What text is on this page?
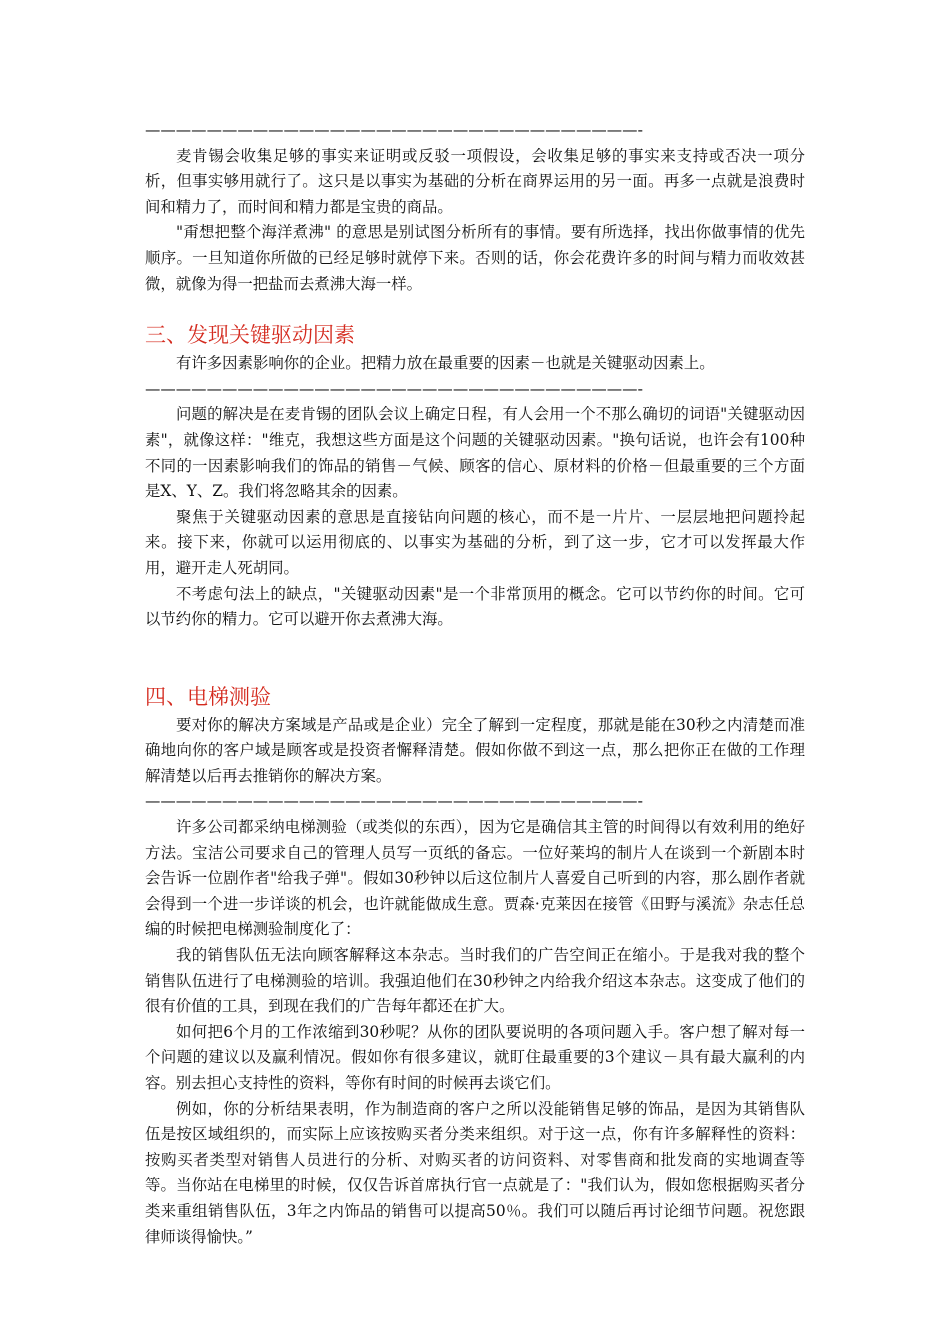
————————————————————————————————-

麦肯锡会收集足够的事实来证明或反驳一项假设，会收集足够的事实来支持或否决一项分析，但事实够用就行了。这只是以事实为基础的分析在商界运用的另一面。再多一点就是浪费时间和精力了，而时间和精力都是宝贵的商品。

"甭想把整个海洋煮沸" 的意思是别试图分析所有的事情。要有所选择，找出你做事情的优先顺序。一旦知道你所做的已经足够时就停下来。否则的话，你会花费许多的时间与精力而收效甚微，就像为得一把盐而去煮沸大海一样。

三、发现关键驱动因素

有许多因素影响你的企业。把精力放在最重要的因素－也就是关键驱动因素上。

————————————————————————————————-

问题的解决是在麦肯锡的团队会议上确定日程，有人会用一个不那么确切的词语"关键驱动因素"，就像这样："维克，我想这些方面是这个问题的关键驱动因素。"换句话说，也许会有100种不同的一因素影响我们的饰品的销售－气候、顾客的信心、原材料的价格－但最重要的三个方面是X、Y、Z。我们将忽略其余的因素。

聚焦于关键驱动因素的意思是直接钻向问题的核心，而不是一片片、一层层地把问题拎起来。接下来，你就可以运用彻底的、以事实为基础的分析，到了这一步，它才可以发挥最大作用，避开走人死胡同。

不考虑句法上的缺点，"关键驱动因素"是一个非常顶用的概念。它可以节约你的时间。它可以节约你的精力。它可以避开你去煮沸大海。

四、电梯测验

要对你的解决方案域是产品或是企业）完全了解到一定程度，那就是能在30秒之内清楚而准确地向你的客户域是顾客或是投资者懈释清楚。假如你做不到这一点，那么把你正在做的工作理解清楚以后再去推销你的解决方案。

————————————————————————————————-

许多公司都采纳电梯测验（或类似的东西），因为它是确信其主管的时间得以有效利用的绝好方法。宝洁公司要求自己的管理人员写一页纸的备忘。一位好莱坞的制片人在谈到一个新剧本时会告诉一位剧作者"给我子弹"。假如30秒钟以后这位制片人喜爱自己听到的内容，那么剧作者就会得到一个进一步详谈的机会，也许就能做成生意。贾森·克莱因在接管《田野与溪流》杂志任总编的时候把电梯测验制度化了：

我的销售队伍无法向顾客解释这本杂志。当时我们的广告空间正在缩小。于是我对我的整个销售队伍进行了电梯测验的培训。我强迫他们在30秒钟之内给我介绍这本杂志。这变成了他们的很有价值的工具，到现在我们的广告每年都还在扩大。

如何把6个月的工作浓缩到30秒呢？从你的团队要说明的各项问题入手。客户想了解对每一个问题的建议以及赢利情况。假如你有很多建议，就盯住最重要的3个建议－具有最大赢利的内容。别去担心支持性的资料，等你有时间的时候再去谈它们。

例如，你的分析结果表明，作为制造商的客户之所以没能销售足够的饰品，是因为其销售队伍是按区域组织的，而实际上应该按购买者分类来组织。对于这一点，你有许多解释性的资料：按购买者类型对销售人员进行的分析、对购买者的访问资料、对零售商和批发商的实地调查等等。当你站在电梯里的时候，仅仅告诉首席执行官一点就是了："我们认为，假如您根据购买者分类来重组销售队伍，3年之内饰品的销售可以提高50％。我们可以随后再讨论细节问题。祝您跟律师谈得愉快。”
